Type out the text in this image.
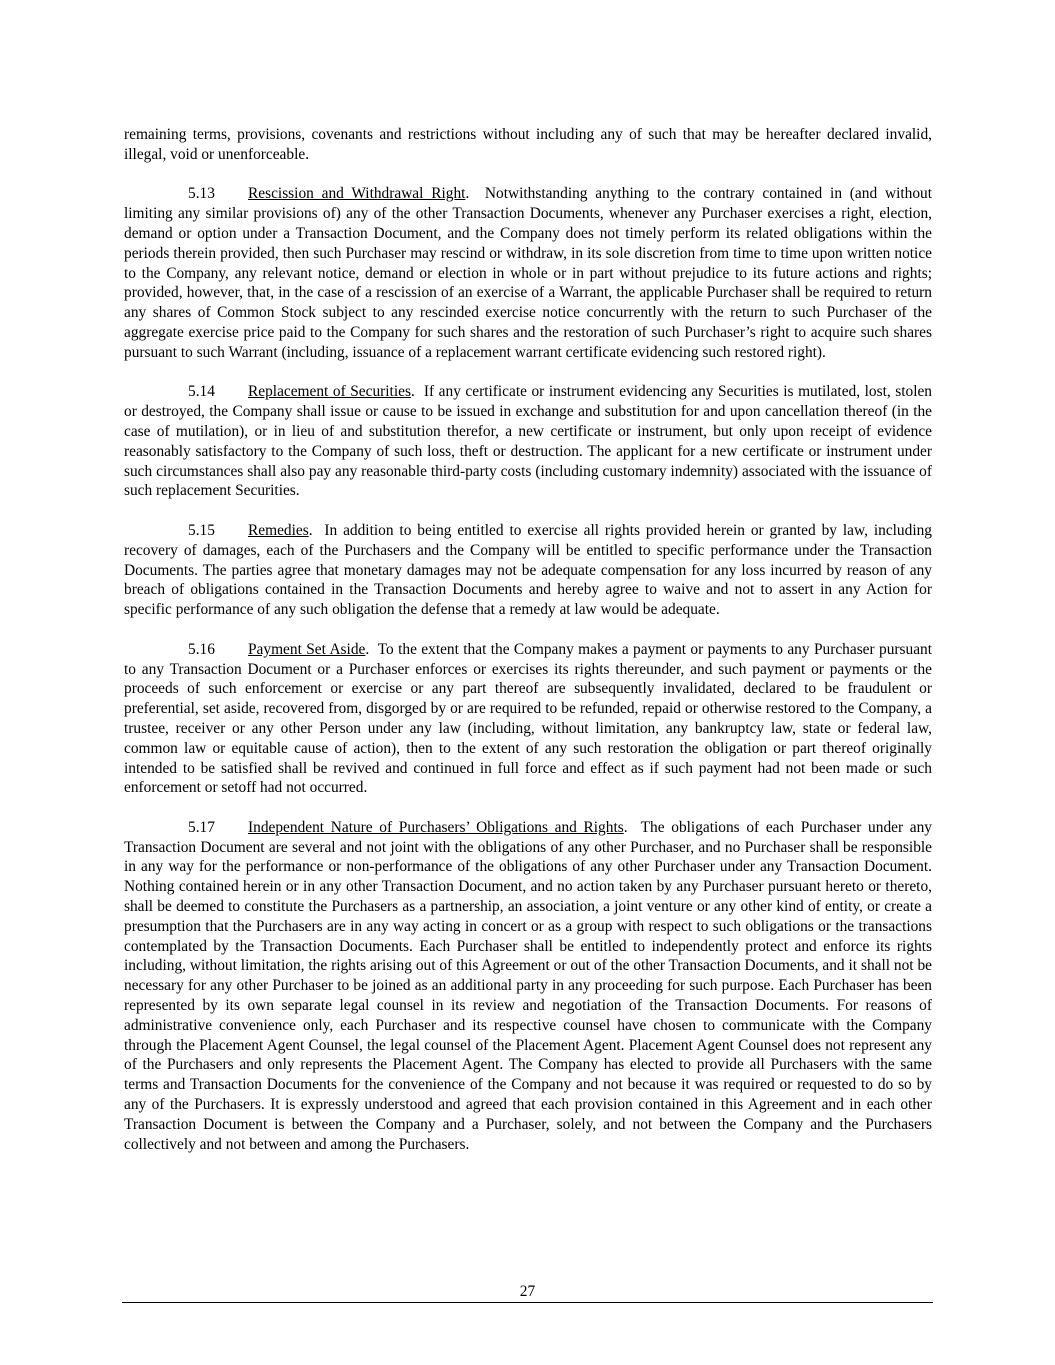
remaining terms, provisions, covenants and restrictions without including any of such that may be hereafter declared invalid, illegal, void or unenforceable.

5.13 Rescission and Withdrawal Right.  Notwithstanding anything to the contrary contained in (and without limiting any similar provisions of) any of the other Transaction Documents, whenever any Purchaser exercises a right, election, demand or option under a Transaction Document, and the Company does not timely perform its related obligations within the periods therein provided, then such Purchaser may rescind or withdraw, in its sole discretion from time to time upon written notice to the Company, any relevant notice, demand or election in whole or in part without prejudice to its future actions and rights; provided, however, that, in the case of a rescission of an exercise of a Warrant, the applicable Purchaser shall be required to return any shares of Common Stock subject to any rescinded exercise notice concurrently with the return to such Purchaser of the aggregate exercise price paid to the Company for such shares and the restoration of such Purchaser’s right to acquire such shares pursuant to such Warrant (including, issuance of a replacement warrant certificate evidencing such restored right).

5.14 Replacement of Securities.  If any certificate or instrument evidencing any Securities is mutilated, lost, stolen or destroyed, the Company shall issue or cause to be issued in exchange and substitution for and upon cancellation thereof (in the case of mutilation), or in lieu of and substitution therefor, a new certificate or instrument, but only upon receipt of evidence reasonably satisfactory to the Company of such loss, theft or destruction. The applicant for a new certificate or instrument under such circumstances shall also pay any reasonable third-party costs (including customary indemnity) associated with the issuance of such replacement Securities.

5.15 Remedies.  In addition to being entitled to exercise all rights provided herein or granted by law, including recovery of damages, each of the Purchasers and the Company will be entitled to specific performance under the Transaction Documents. The parties agree that monetary damages may not be adequate compensation for any loss incurred by reason of any breach of obligations contained in the Transaction Documents and hereby agree to waive and not to assert in any Action for specific performance of any such obligation the defense that a remedy at law would be adequate.

5.16 Payment Set Aside.  To the extent that the Company makes a payment or payments to any Purchaser pursuant to any Transaction Document or a Purchaser enforces or exercises its rights thereunder, and such payment or payments or the proceeds of such enforcement or exercise or any part thereof are subsequently invalidated, declared to be fraudulent or preferential, set aside, recovered from, disgorged by or are required to be refunded, repaid or otherwise restored to the Company, a trustee, receiver or any other Person under any law (including, without limitation, any bankruptcy law, state or federal law, common law or equitable cause of action), then to the extent of any such restoration the obligation or part thereof originally intended to be satisfied shall be revived and continued in full force and effect as if such payment had not been made or such enforcement or setoff had not occurred.

5.17 Independent Nature of Purchasers’ Obligations and Rights.  The obligations of each Purchaser under any Transaction Document are several and not joint with the obligations of any other Purchaser, and no Purchaser shall be responsible in any way for the performance or non-performance of the obligations of any other Purchaser under any Transaction Document. Nothing contained herein or in any other Transaction Document, and no action taken by any Purchaser pursuant hereto or thereto, shall be deemed to constitute the Purchasers as a partnership, an association, a joint venture or any other kind of entity, or create a presumption that the Purchasers are in any way acting in concert or as a group with respect to such obligations or the transactions contemplated by the Transaction Documents. Each Purchaser shall be entitled to independently protect and enforce its rights including, without limitation, the rights arising out of this Agreement or out of the other Transaction Documents, and it shall not be necessary for any other Purchaser to be joined as an additional party in any proceeding for such purpose. Each Purchaser has been represented by its own separate legal counsel in its review and negotiation of the Transaction Documents. For reasons of administrative convenience only, each Purchaser and its respective counsel have chosen to communicate with the Company through the Placement Agent Counsel, the legal counsel of the Placement Agent. Placement Agent Counsel does not represent any of the Purchasers and only represents the Placement Agent. The Company has elected to provide all Purchasers with the same terms and Transaction Documents for the convenience of the Company and not because it was required or requested to do so by any of the Purchasers. It is expressly understood and agreed that each provision contained in this Agreement and in each other Transaction Document is between the Company and a Purchaser, solely, and not between the Company and the Purchasers collectively and not between and among the Purchasers.

27
